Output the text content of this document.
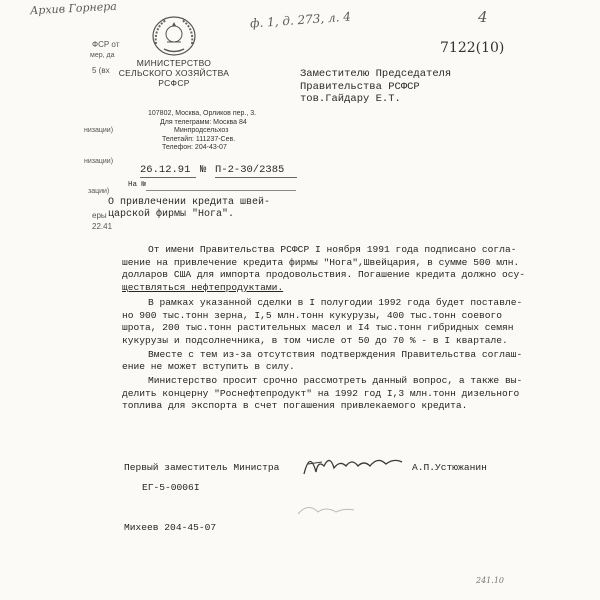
Архив Горнера
ф. 1, д. 273, л. 4	4
7122(10)
ФСР от
мер, да
5 (вх
низации)
низации)
зации)
еры
22.41
МИНИСТЕРСТВО
СЕЛЬСКОГО ХОЗЯЙСТВА
РСФСР
107802, Москва, Орликов пер., 3.
Для телеграмм: Москва 84
Минпродсельхоз
Телетайп: 111237-Сев.
Телефон: 204-43-07
Заместителю Председателя
Правительства РСФСР
тов.Гайдару Е.Т.
26.12.91 № П-2-30/2385
На №
О привлечении кредита швей-
царской фирмы "Нога".
От имени Правительства РСФСР I ноября 1991 года подписано согла-
шение на привлечение кредита фирмы "Нога",Швейцария, в сумме 500 млн.
долларов США для импорта продовольствия. Погашение кредита должно осу-
ществляться нефтепродуктами.
В рамках указанной сделки в I полугодии 1992 года будет поставле-
но 900 тыс.тонн зерна, I,5 млн.тонн кукурузы, 400 тыс.тонн соевого
шрота, 200 тыс.тонн растительных масел и I4 тыс.тонн гибридных семян
кукурузы и подсолнечника, в том числе от 50 до 70 % - в I квартале.
Вместе с тем из-за отсутствия подтверждения Правительства соглаш-
ение не может вступить в силу.
Министерство просит срочно рассмотреть данный вопрос, а также вы-
делить концерну "Роснефтепродукт" на 1992 год I,3 млн.тонн дизельного
топлива для экспорта в счет погашения привлекаемого кредита.
Первый заместитель Министра	А.П.Устюжанин
ЕГ-5-0006I
Михеев 204-45-07
241.10
